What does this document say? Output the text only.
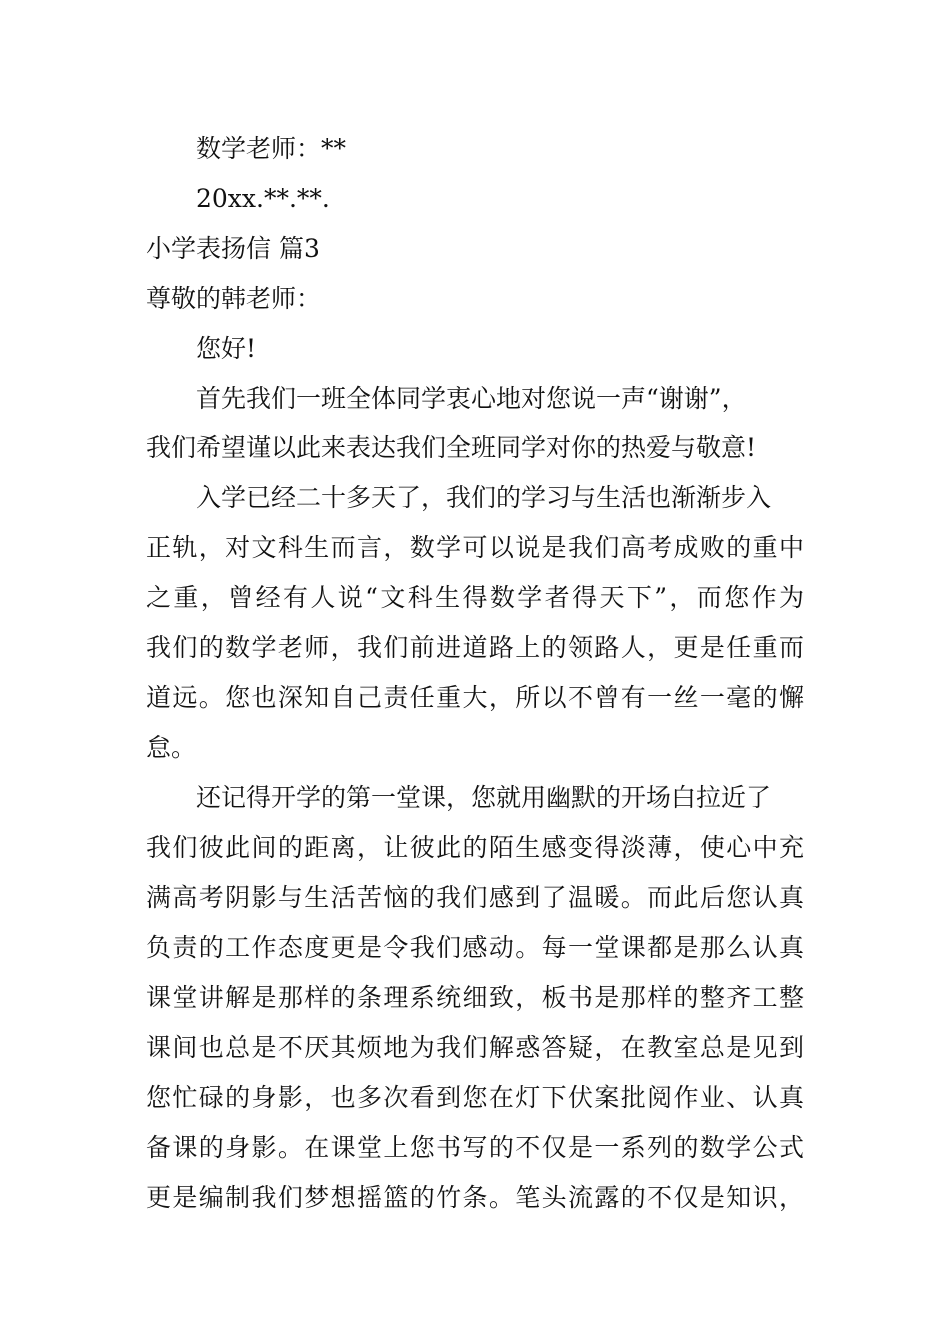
数学老师：**
20xx.**.**.
小学表扬信 篇3
尊敬的韩老师：
您好!
首先我们一班全体同学衷心地对您说一声“谢谢”，
我们希望谨以此来表达我们全班同学对你的热爱与敬意!
入学已经二十多天了，我们的学习与生活也渐渐步入
正轨，对文科生而言，数学可以说是我们高考成败的重中
之重，曾经有人说“文科生得数学者得天下”，而您作为
我们的数学老师，我们前进道路上的领路人，更是任重而
道远。您也深知自己责任重大，所以不曾有一丝一毫的懈
怠。
还记得开学的第一堂课，您就用幽默的开场白拉近了
我们彼此间的距离，让彼此的陌生感变得淡薄，使心中充
满高考阴影与生活苦恼的我们感到了温暖。而此后您认真
负责的工作态度更是令我们感动。每一堂课都是那么认真
课堂讲解是那样的条理系统细致，板书是那样的整齐工整
课间也总是不厌其烦地为我们解惑答疑，在教室总是见到
您忙碌的身影，也多次看到您在灯下伏案批阅作业、认真
备课的身影。在课堂上您书写的不仅是一系列的数学公式
更是编制我们梦想摇篮的竹条。笔头流露的不仅是知识，
